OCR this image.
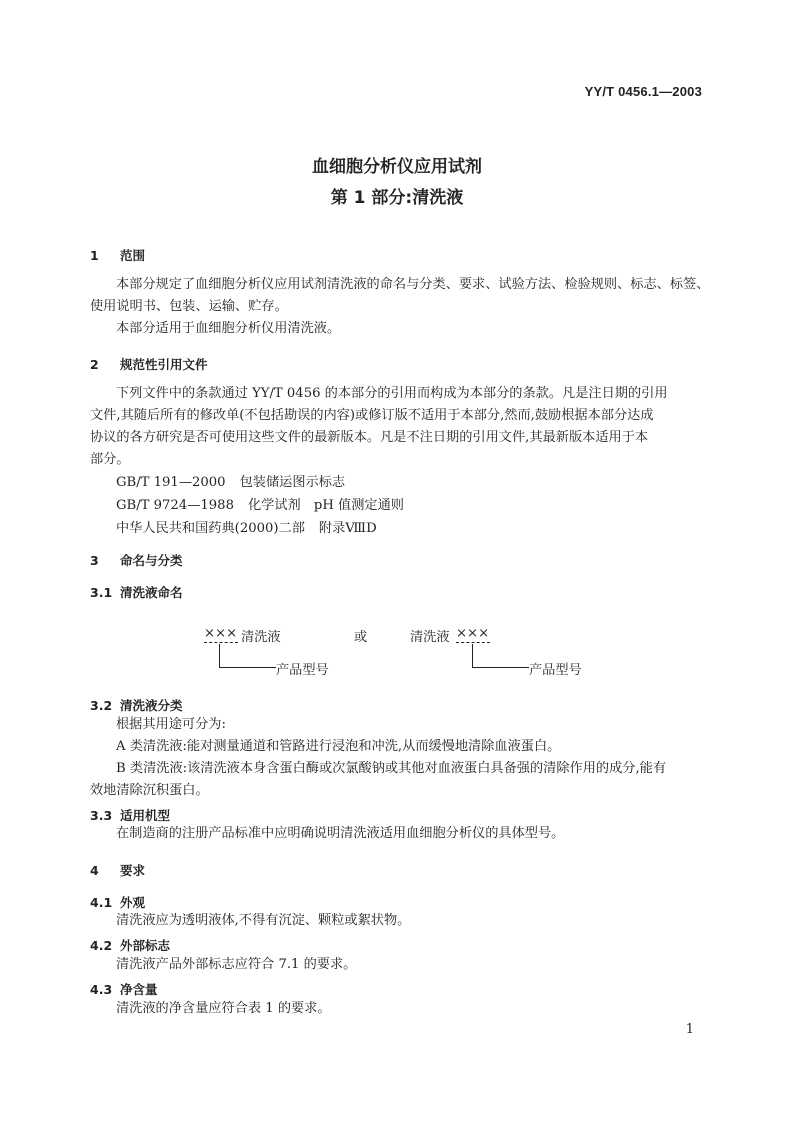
YY/T 0456.1—2003
血细胞分析仪应用试剂
第 1 部分:清洗液
1 范围
本部分规定了血细胞分析仪应用试剂清洗液的命名与分类、要求、试验方法、检验规则、标志、标签、
使用说明书、包装、运输、贮存。
本部分适用于血细胞分析仪用清洗液。
2 规范性引用文件
下列文件中的条款通过 YY/T 0456 的本部分的引用而构成为本部分的条款。凡是注日期的引用
文件,其随后所有的修改单(不包括勘误的内容)或修订版不适用于本部分,然而,鼓励根据本部分达成
协议的各方研究是否可使用这些文件的最新版本。凡是不注日期的引用文件,其最新版本适用于本
部分。
GB/T 191—2000 包装储运图示标志
GB/T 9724—1988 化学试剂　pH 值测定通则
中华人民共和国药典(2000)二部 附录ⅧD
3 命名与分类
3.1 清洗液命名
××× 清洗液	或	清洗液 ×××
产品型号	产品型号
3.2 清洗液分类
根据其用途可分为:
A 类清洗液:能对测量通道和管路进行浸泡和冲洗,从而缓慢地清除血液蛋白。
B 类清洗液:该清洗液本身含蛋白酶或次氯酸钠或其他对血液蛋白具备强的清除作用的成分,能有
效地清除沉积蛋白。
3.3 适用机型
在制造商的注册产品标准中应明确说明清洗液适用血细胞分析仪的具体型号。
4 要求
4.1 外观
清洗液应为透明液体,不得有沉淀、颗粒或絮状物。
4.2 外部标志
清洗液产品外部标志应符合 7.1 的要求。
4.3 净含量
清洗液的净含量应符合表 1 的要求。
1
